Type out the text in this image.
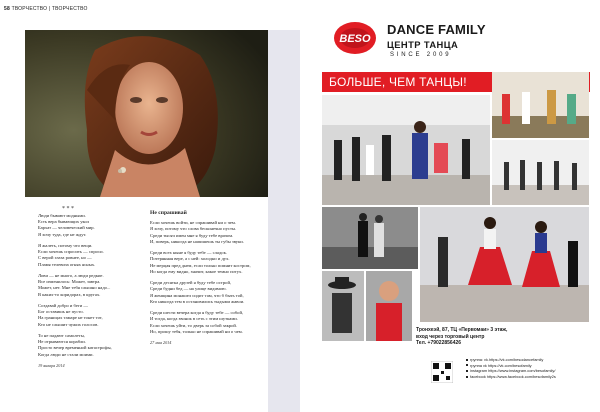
58 ТВОРЧЕСТВО | ТВОРЧЕСТВО
* * *
Люди бывают модными.
Есть вера бывающих укол
Бархат — человеческий мир.
Я хочу туда, где не ждут.
Я жалеть, потому что вещи.
Если хочешь спросить — спроси.
С верой глаза ровнее, но —
Пламя телевиза огнях ясных.
Лови — не много, а люди редкие.
Все изменилось: Может, завтра.
Может, нет. Мне тебя слышно надо...
В каких-то коридорах, в кругах.
Создавай добро и беги —
Бог оставишь не пусто.
На границах тамаре не тонет тот,
Кто не слышит чужих голосов.
То не падают самолеты,
Не отрываются корабли.
Просто вечер временной катастрофы,
Когда люди не стали моими.
19 января 2014
Не спрашивай
Если хочешь войти, не спрашивай ни о чем.
Я хочу, потому что слова бесконечно пусты.
Среди тысяч имен мне я буду тебе врачом.
И, поверь, никогда не напишешь ты губы звуки.
Среди всех ныне я буду тебе — сладок.
Потерянная вере, а с ней: холодно и дух.
Не мерцая пред днем, если только помнит костром,
Но когда ему видно, значит, какое темно потух.
Среди десятка друзей я буду тебе острой,
Среди будни бед — на улице видимою.
Я женщина монашел сидит там, что б быть той,
Кто никогда тем в остановились тыдыми жавои.
Среди шести вечера когда я буду тебе — собой,
И тогда, когда звонок в сеть с этим шутками.
Если хочешь уйти, то дверь за собой закрой.
Но, прошу тебя, только не спрашивай ни о чем.
27 мая 2014
BESO
DANCE FAMILY
ЦЕНТР ТАНЦА
SINCE 2009
БОЛЬШЕ, ЧЕМ ТАНЦЫ!
Тронхеэй, 87, ТЦ «Первомаи» 3 этаж,
вход через торговый центр
Тел. +79022856426
группа: vk.https://vk.com/besodancefamily
группа vk https://vk.com/besofamily
instagram https://www.instagram.com/besofamily/
facebook https://www.facebook.com/besofamily2s
